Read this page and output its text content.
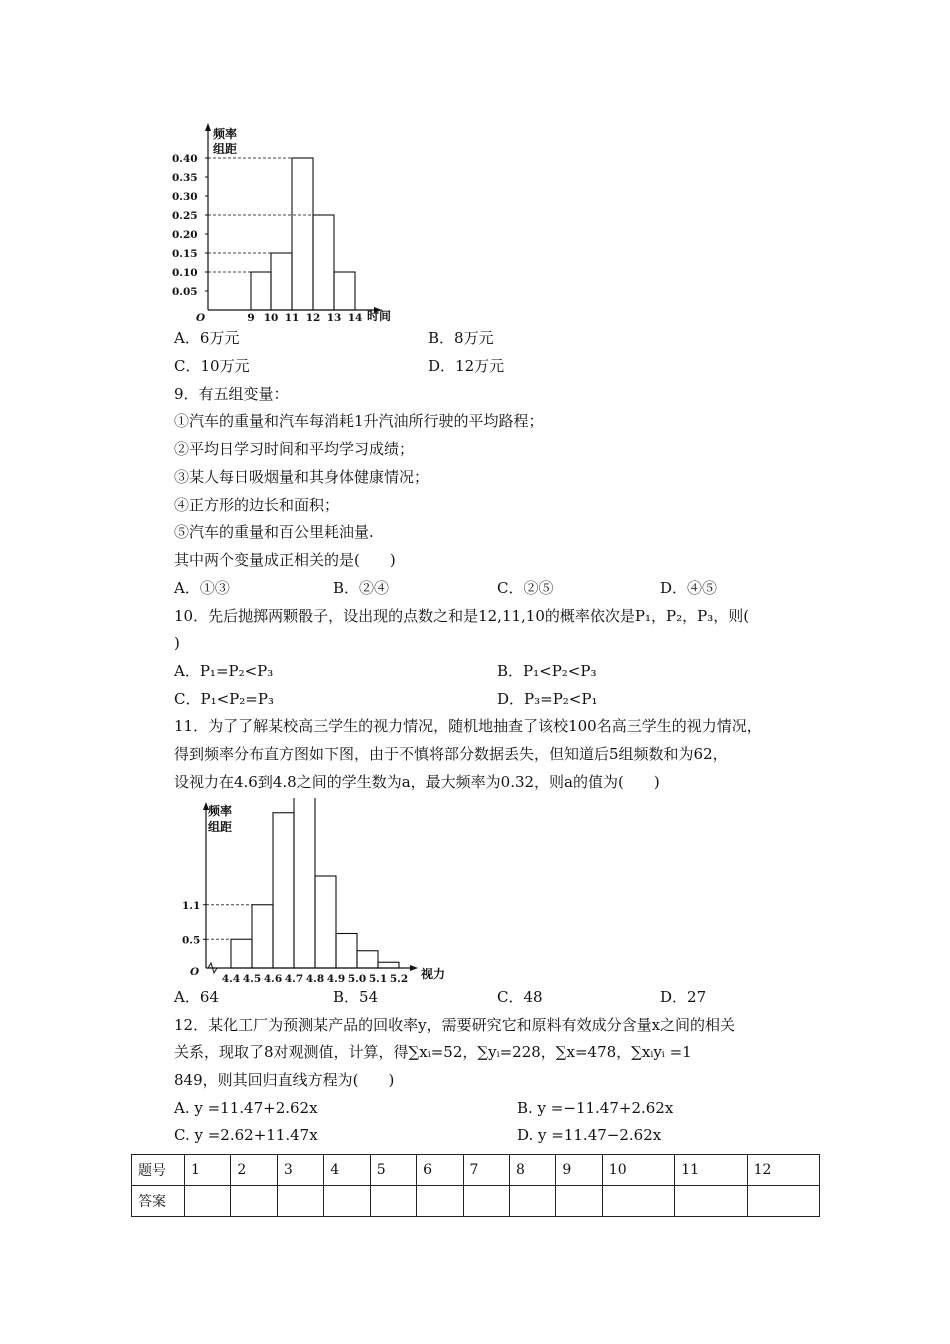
频率
组距
0.40
0.35
0.30
0.25
0.20
0.15
0.10
0.05
9 10 11 12 13 14
O	时间
A．6万元	B．8万元
C．10万元	D．12万元
9．有五组变量：
①汽车的重量和汽车每消耗1升汽油所行驶的平均路程；
②平均日学习时间和平均学习成绩；
③某人每日吸烟量和其身体健康情况；
④正方形的边长和面积；
⑤汽车的重量和百公里耗油量.
其中两个变量成正相关的是(　　)
A．①③	B．②④	C．②⑤	D．④⑤
10．先后抛掷两颗骰子，设出现的点数之和是12,11,10的概率依次是P₁，P₂，P₃，则(
)
A．P₁=P₂<P₃	B．P₁<P₂<P₃
C．P₁<P₂=P₃	D．P₃=P₂<P₁
11．为了了解某校高三学生的视力情况，随机地抽查了该校100名高三学生的视力情况，
得到频率分布直方图如下图，由于不慎将部分数据丢失，但知道后5组频数和为62，
设视力在4.6到4.8之间的学生数为a，最大频率为0.32，则a的值为(　　)
频率
组距
1.1
0.5
4.4 4.5 4.6 4.7 4.8 4.9 5.0 5.1 5.2
O	视力
A．64	B．54	C．48	D．27
12．某化工厂为预测某产品的回收率y，需要研究它和原料有效成分含量x之间的相关
关系，现取了8对观测值，计算，得∑xᵢ=52，∑yᵢ=228，∑x=478，∑xᵢyᵢ =1
849，则其回归直线方程为(　　)
A. y =11.47+2.62x	B. y =−11.47+2.62x
C. y =2.62+11.47x	D. y =11.47−2.62x
题号	1	2	3	4	5	6	7	8	9	10	11	12
答案												
